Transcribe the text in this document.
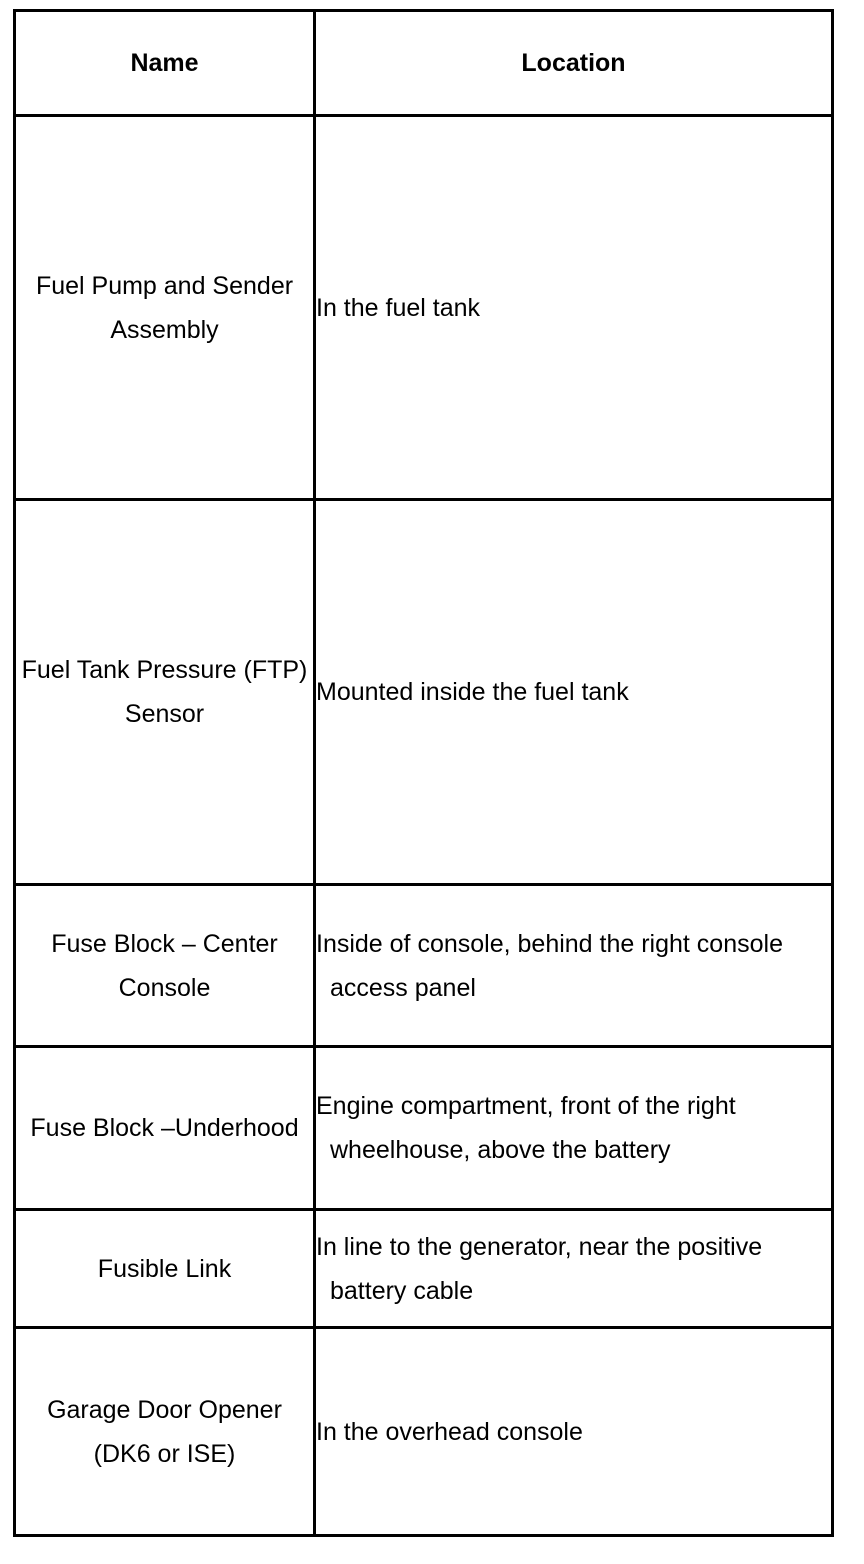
Name	Location
Fuel Pump and Sender Assembly	In the fuel tank

Fuel Tank Pressure (FTP) Sensor	Mounted inside the fuel tank

Fuse Block – Center Console	Inside of console, behind the right console access panel

Fuse Block –Underhood	Engine compartment, front of the right wheelhouse, above the battery

Fusible Link	In line to the generator, near the positive battery cable

Garage Door Opener (DK6 or ISE)	In the overhead console
